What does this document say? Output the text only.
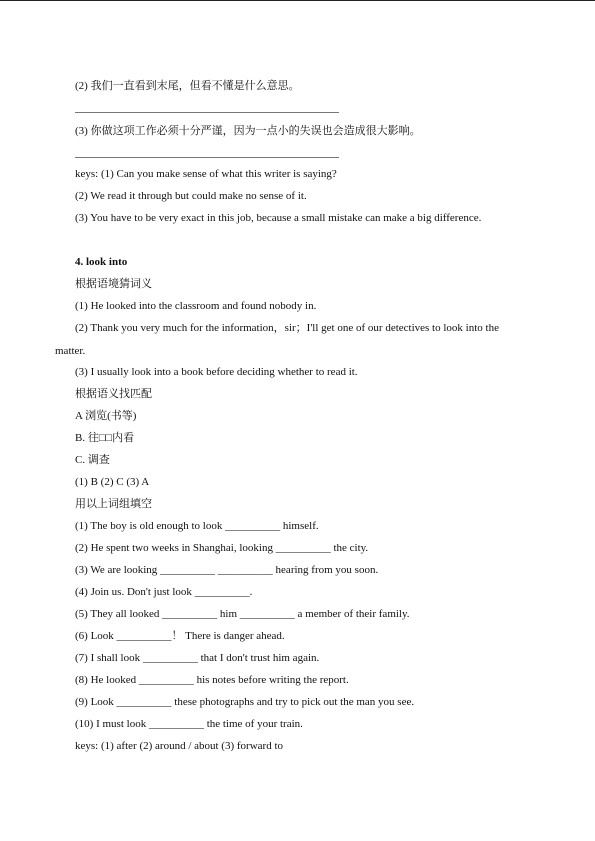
(2) 我们一直看到末尾，但看不懂是什么意思。
(3) 你做这项工作必须十分严谨，因为一点小的失误也会造成很大影响。
keys: (1) Can you make sense of what this writer is saying?
(2) We read it through but could make no sense of it.
(3) You have to be very exact in this job, because a small mistake can make a big difference.
4. look into
根据语境猜词义
(1) He looked into the classroom and found nobody in.
(2) Thank you very much for the information，sir；I'll get one of our detectives to look into the
matter.
(3) I usually look into a book before deciding whether to read it.
根据语义找匹配
A 浏览(书等)
B. 往□□内看
C. 调查
(1) B (2) C (3) A
用以上词组填空
(1) The boy is old enough to look __________ himself.
(2) He spent two weeks in Shanghai, looking __________ the city.
(3) We are looking __________ __________ hearing from you soon.
(4) Join us. Don't just look __________.
(5) They all looked __________ him __________ a member of their family.
(6) Look __________！ There is danger ahead.
(7) I shall look __________ that I don't trust him again.
(8) He looked __________ his notes before writing the report.
(9) Look __________ these photographs and try to pick out the man you see.
(10) I must look __________ the time of your train.
keys: (1) after (2) around / about (3) forward to
